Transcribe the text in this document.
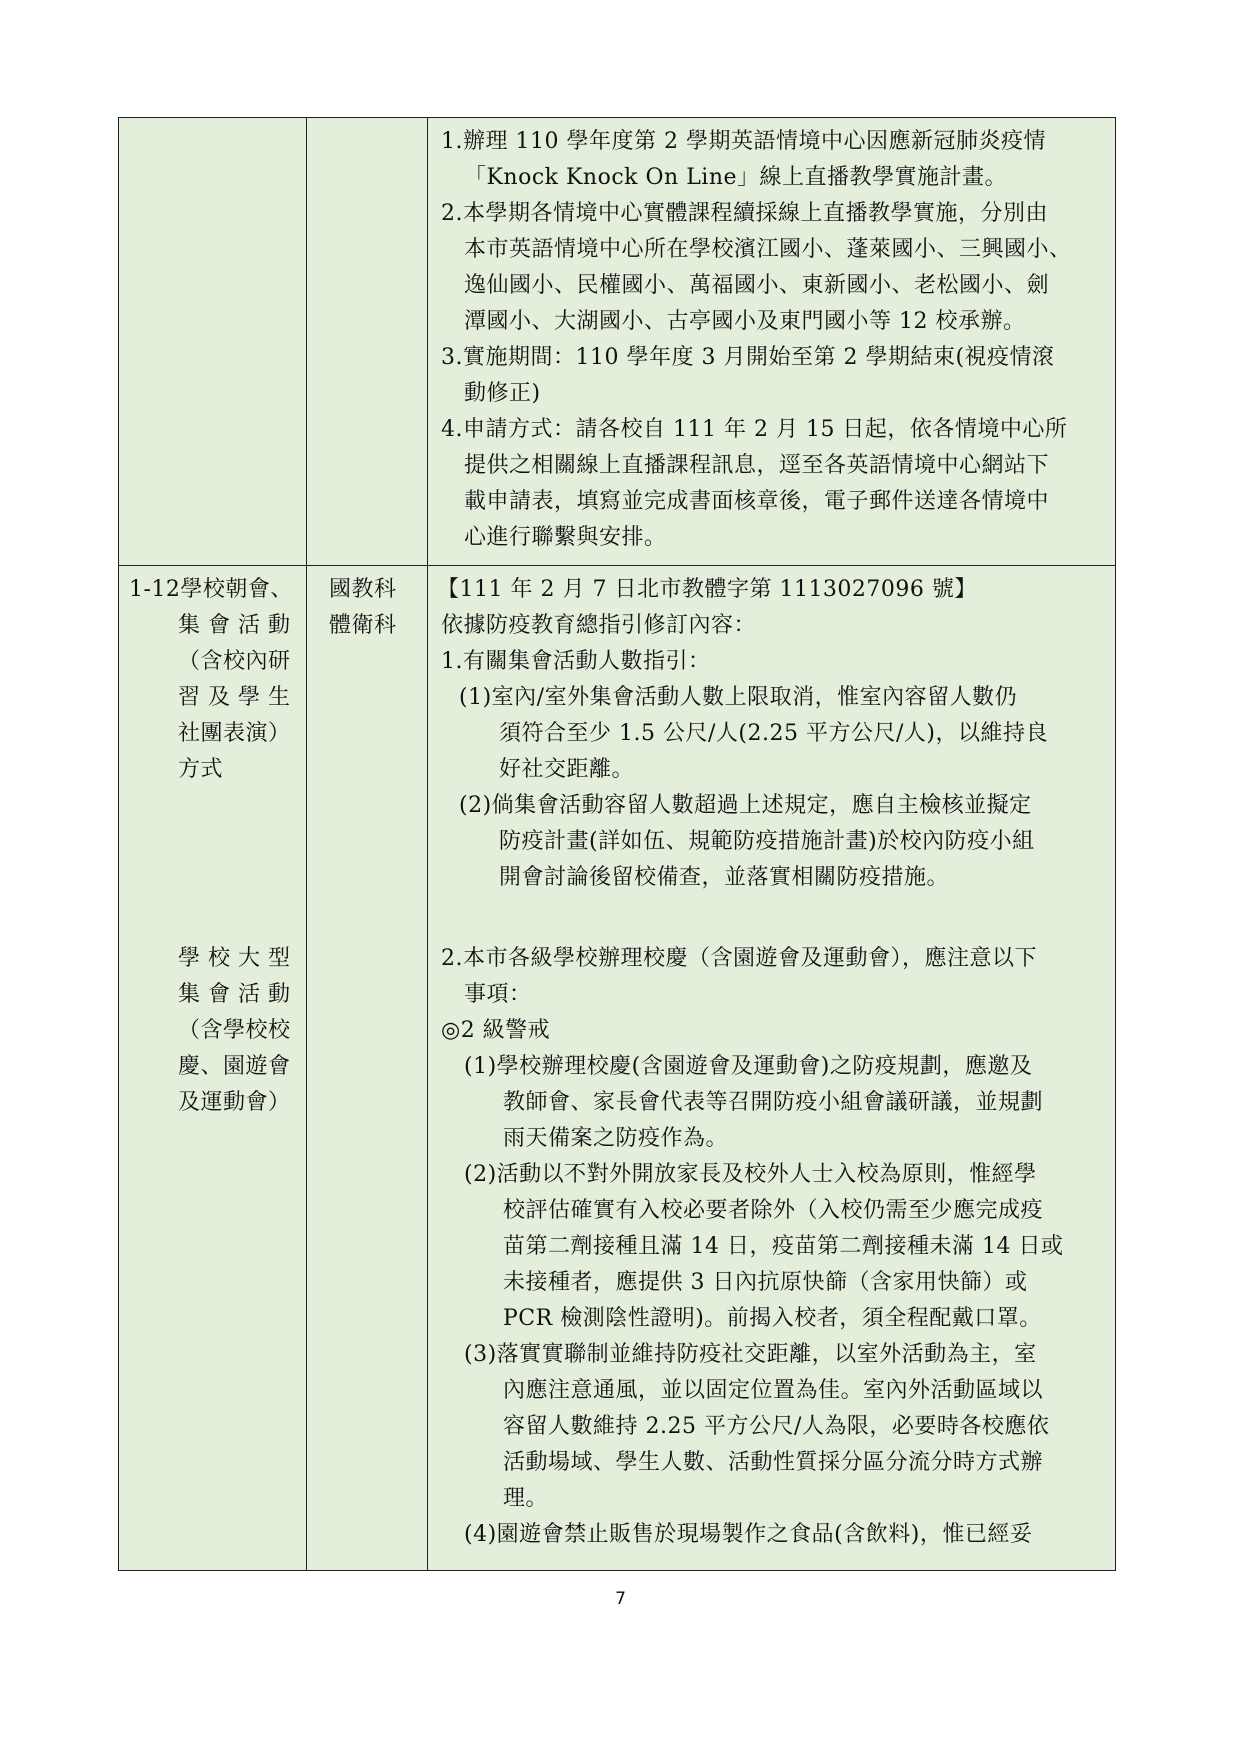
1.辦理 110 學年度第 2 學期英語情境中心因應新冠肺炎疫情
「Knock Knock On Line」線上直播教學實施計畫。
2.本學期各情境中心實體課程續採線上直播教學實施，分別由
本市英語情境中心所在學校濱江國小、蓬萊國小、三興國小、
逸仙國小、民權國小、萬福國小、東新國小、老松國小、劍
潭國小、大湖國小、古亭國小及東門國小等 12 校承辦。
3.實施期間：110 學年度 3 月開始至第 2 學期結束(視疫情滾
動修正)
4.申請方式：請各校自 111 年 2 月 15 日起，依各情境中心所
提供之相關線上直播課程訊息，逕至各英語情境中心網站下
載申請表，填寫並完成書面核章後，電子郵件送達各情境中
心進行聯繫與安排。
1-12學校朝會、
集 會 活 動
（含校內研
習 及 學 生
社團表演）
方式
學 校 大 型
集 會 活 動
（含學校校
慶、園遊會
及運動會）
國教科
體衛科
【111 年 2 月 7 日北市教體字第 1113027096 號】
依據防疫教育總指引修訂內容：
1.有關集會活動人數指引：
(1)室內/室外集會活動人數上限取消，惟室內容留人數仍
須符合至少 1.5 公尺/人(2.25 平方公尺/人)，以維持良
好社交距離。
(2)倘集會活動容留人數超過上述規定，應自主檢核並擬定
防疫計畫(詳如伍、規範防疫措施計畫)於校內防疫小組
開會討論後留校備查，並落實相關防疫措施。
2.本市各級學校辦理校慶（含園遊會及運動會），應注意以下
事項：
◎2 級警戒
(1)學校辦理校慶(含園遊會及運動會)之防疫規劃，應邀及
教師會、家長會代表等召開防疫小組會議研議，並規劃
雨天備案之防疫作為。
(2)活動以不對外開放家長及校外人士入校為原則，惟經學
校評估確實有入校必要者除外（入校仍需至少應完成疫
苗第二劑接種且滿 14 日，疫苗第二劑接種未滿 14 日或
未接種者，應提供 3 日內抗原快篩（含家用快篩）或
PCR 檢測陰性證明)。前揭入校者，須全程配戴口罩。
(3)落實實聯制並維持防疫社交距離，以室外活動為主，室
內應注意通風，並以固定位置為佳。室內外活動區域以
容留人數維持 2.25 平方公尺/人為限，必要時各校應依
活動場域、學生人數、活動性質採分區分流分時方式辦
理。
(4)園遊會禁止販售於現場製作之食品(含飲料)，惟已經妥
7
